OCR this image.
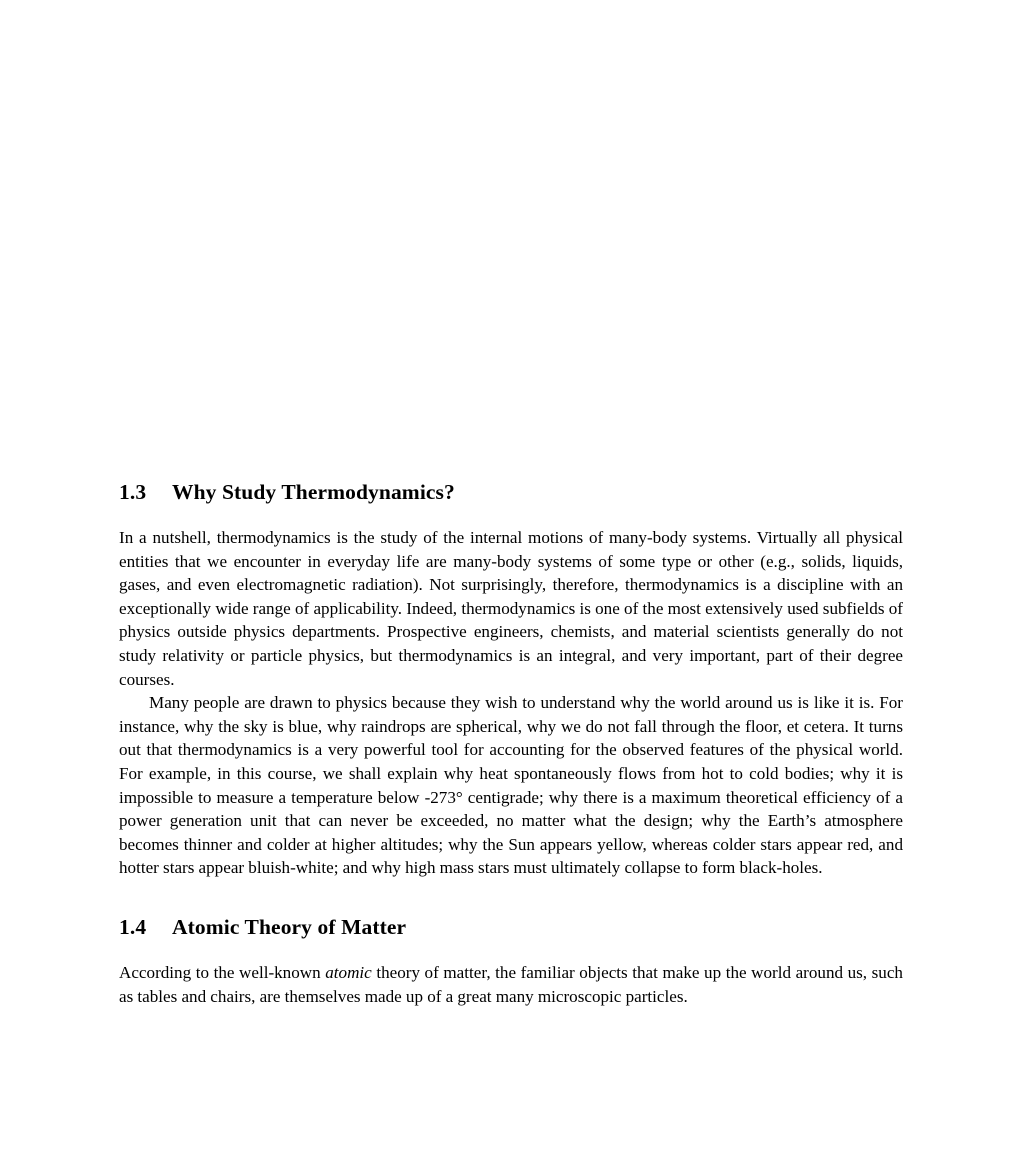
1.3 Why Study Thermodynamics?

In a nutshell, thermodynamics is the study of the internal motions of many-body systems. Virtually all physical entities that we encounter in everyday life are many-body systems of some type or other (e.g., solids, liquids, gases, and even electromagnetic radiation). Not surprisingly, therefore, thermodynamics is a discipline with an exceptionally wide range of applicability. Indeed, thermodynamics is one of the most extensively used subfields of physics outside physics departments. Prospective engineers, chemists, and material scientists generally do not study relativity or particle physics, but thermodynamics is an integral, and very important, part of their degree courses.

Many people are drawn to physics because they wish to understand why the world around us is like it is. For instance, why the sky is blue, why raindrops are spherical, why we do not fall through the floor, et cetera. It turns out that thermodynamics is a very powerful tool for accounting for the observed features of the physical world. For example, in this course, we shall explain why heat spontaneously flows from hot to cold bodies; why it is impossible to measure a temperature below -273° centigrade; why there is a maximum theoretical efficiency of a power generation unit that can never be exceeded, no matter what the design; why the Earth’s atmosphere becomes thinner and colder at higher altitudes; why the Sun appears yellow, whereas colder stars appear red, and hotter stars appear bluish-white; and why high mass stars must ultimately collapse to form black-holes.

1.4 Atomic Theory of Matter

According to the well-known atomic theory of matter, the familiar objects that make up the world around us, such as tables and chairs, are themselves made up of a great many microscopic particles.
